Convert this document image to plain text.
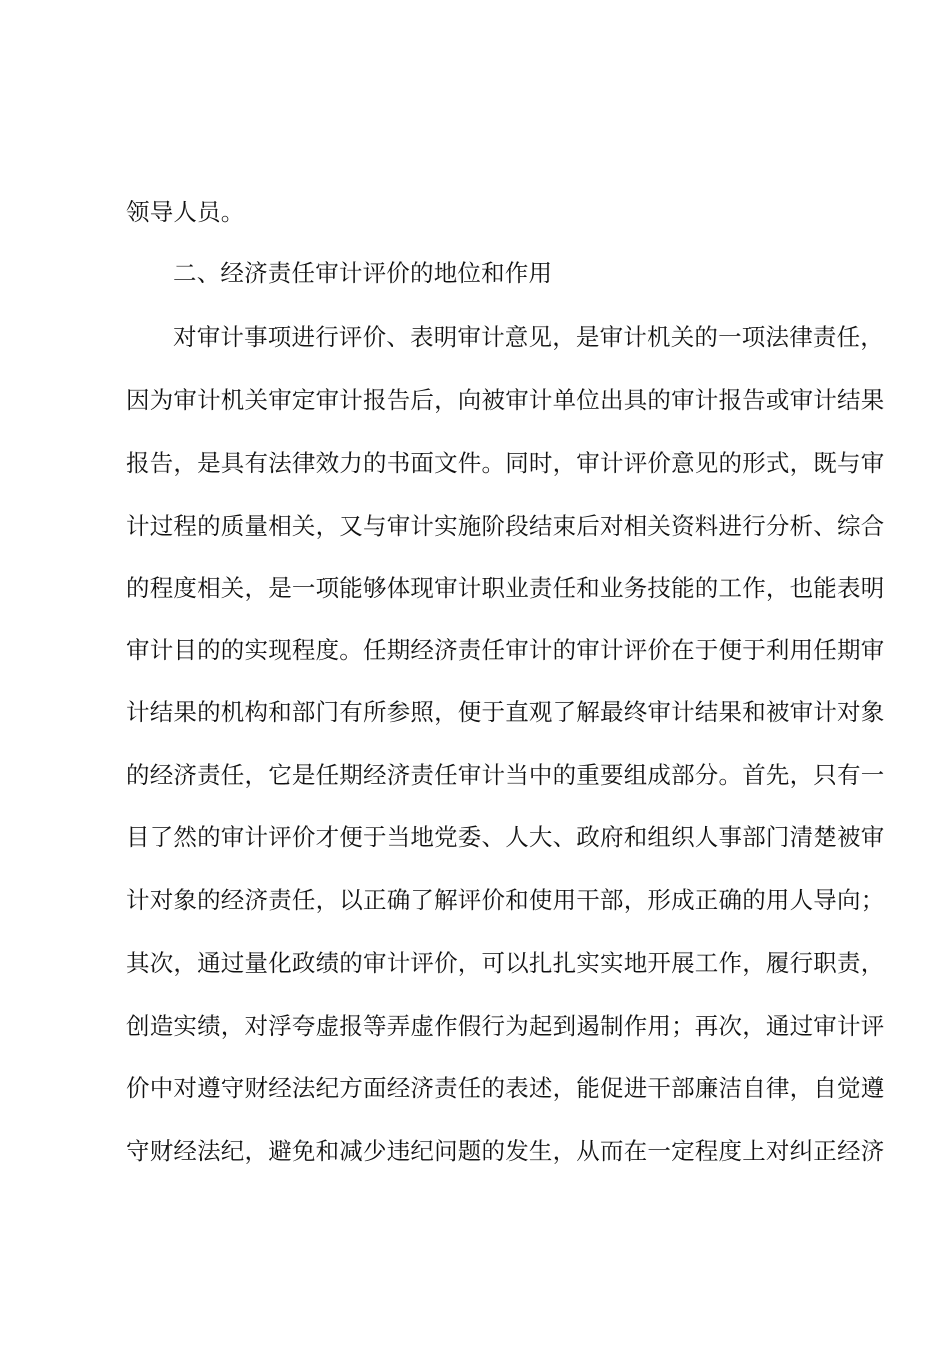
领导人员。
二、经济责任审计评价的地位和作用
对审计事项进行评价、表明审计意见，是审计机关的一项法律责任，
因为审计机关审定审计报告后，向被审计单位出具的审计报告或审计结果
报告，是具有法律效力的书面文件。同时，审计评价意见的形式，既与审
计过程的质量相关，又与审计实施阶段结束后对相关资料进行分析、综合
的程度相关，是一项能够体现审计职业责任和业务技能的工作，也能表明
审计目的的实现程度。任期经济责任审计的审计评价在于便于利用任期审
计结果的机构和部门有所参照，便于直观了解最终审计结果和被审计对象
的经济责任，它是任期经济责任审计当中的重要组成部分。首先，只有一
目了然的审计评价才便于当地党委、人大、政府和组织人事部门清楚被审
计对象的经济责任，以正确了解评价和使用干部，形成正确的用人导向；
其次，通过量化政绩的审计评价，可以扎扎实实地开展工作，履行职责，
创造实绩，对浮夸虚报等弄虚作假行为起到遏制作用；再次，通过审计评
价中对遵守财经法纪方面经济责任的表述，能促进干部廉洁自律，自觉遵
守财经法纪，避免和减少违纪问题的发生，从而在一定程度上对纠正经济
